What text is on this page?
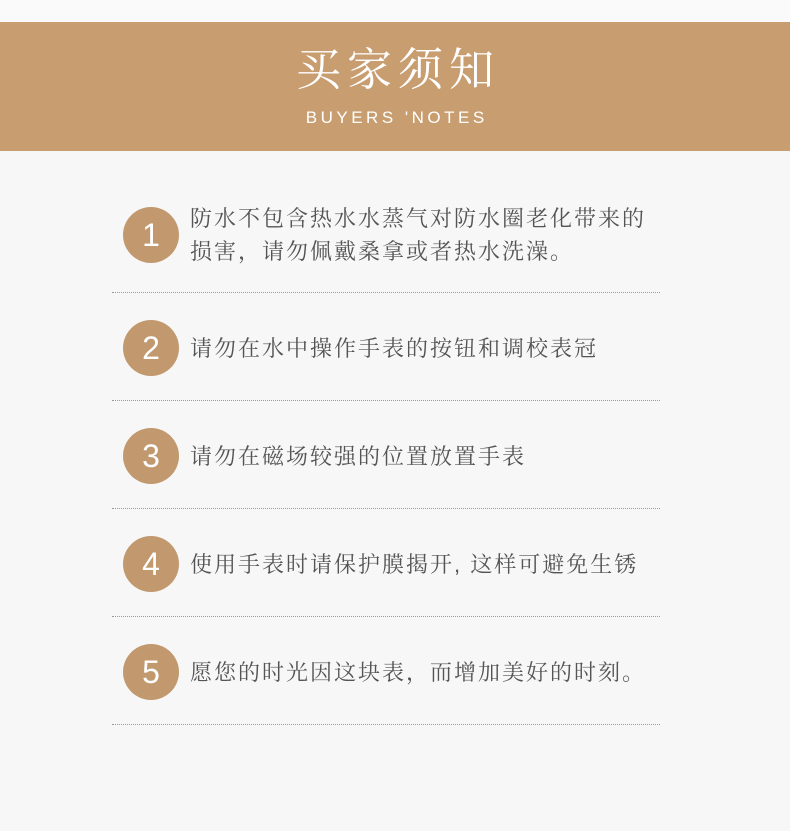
买家须知
BUYERS 'NOTES
1	防水不包含热水水蒸气对防水圈老化带来的损害，请勿佩戴桑拿或者热水洗澡。

2	请勿在水中操作手表的按钮和调校表冠

3	请勿在磁场较强的位置放置手表

4	使用手表时请保护膜揭开, 这样可避免生锈

5	愿您的时光因这块表，而增加美好的时刻。
